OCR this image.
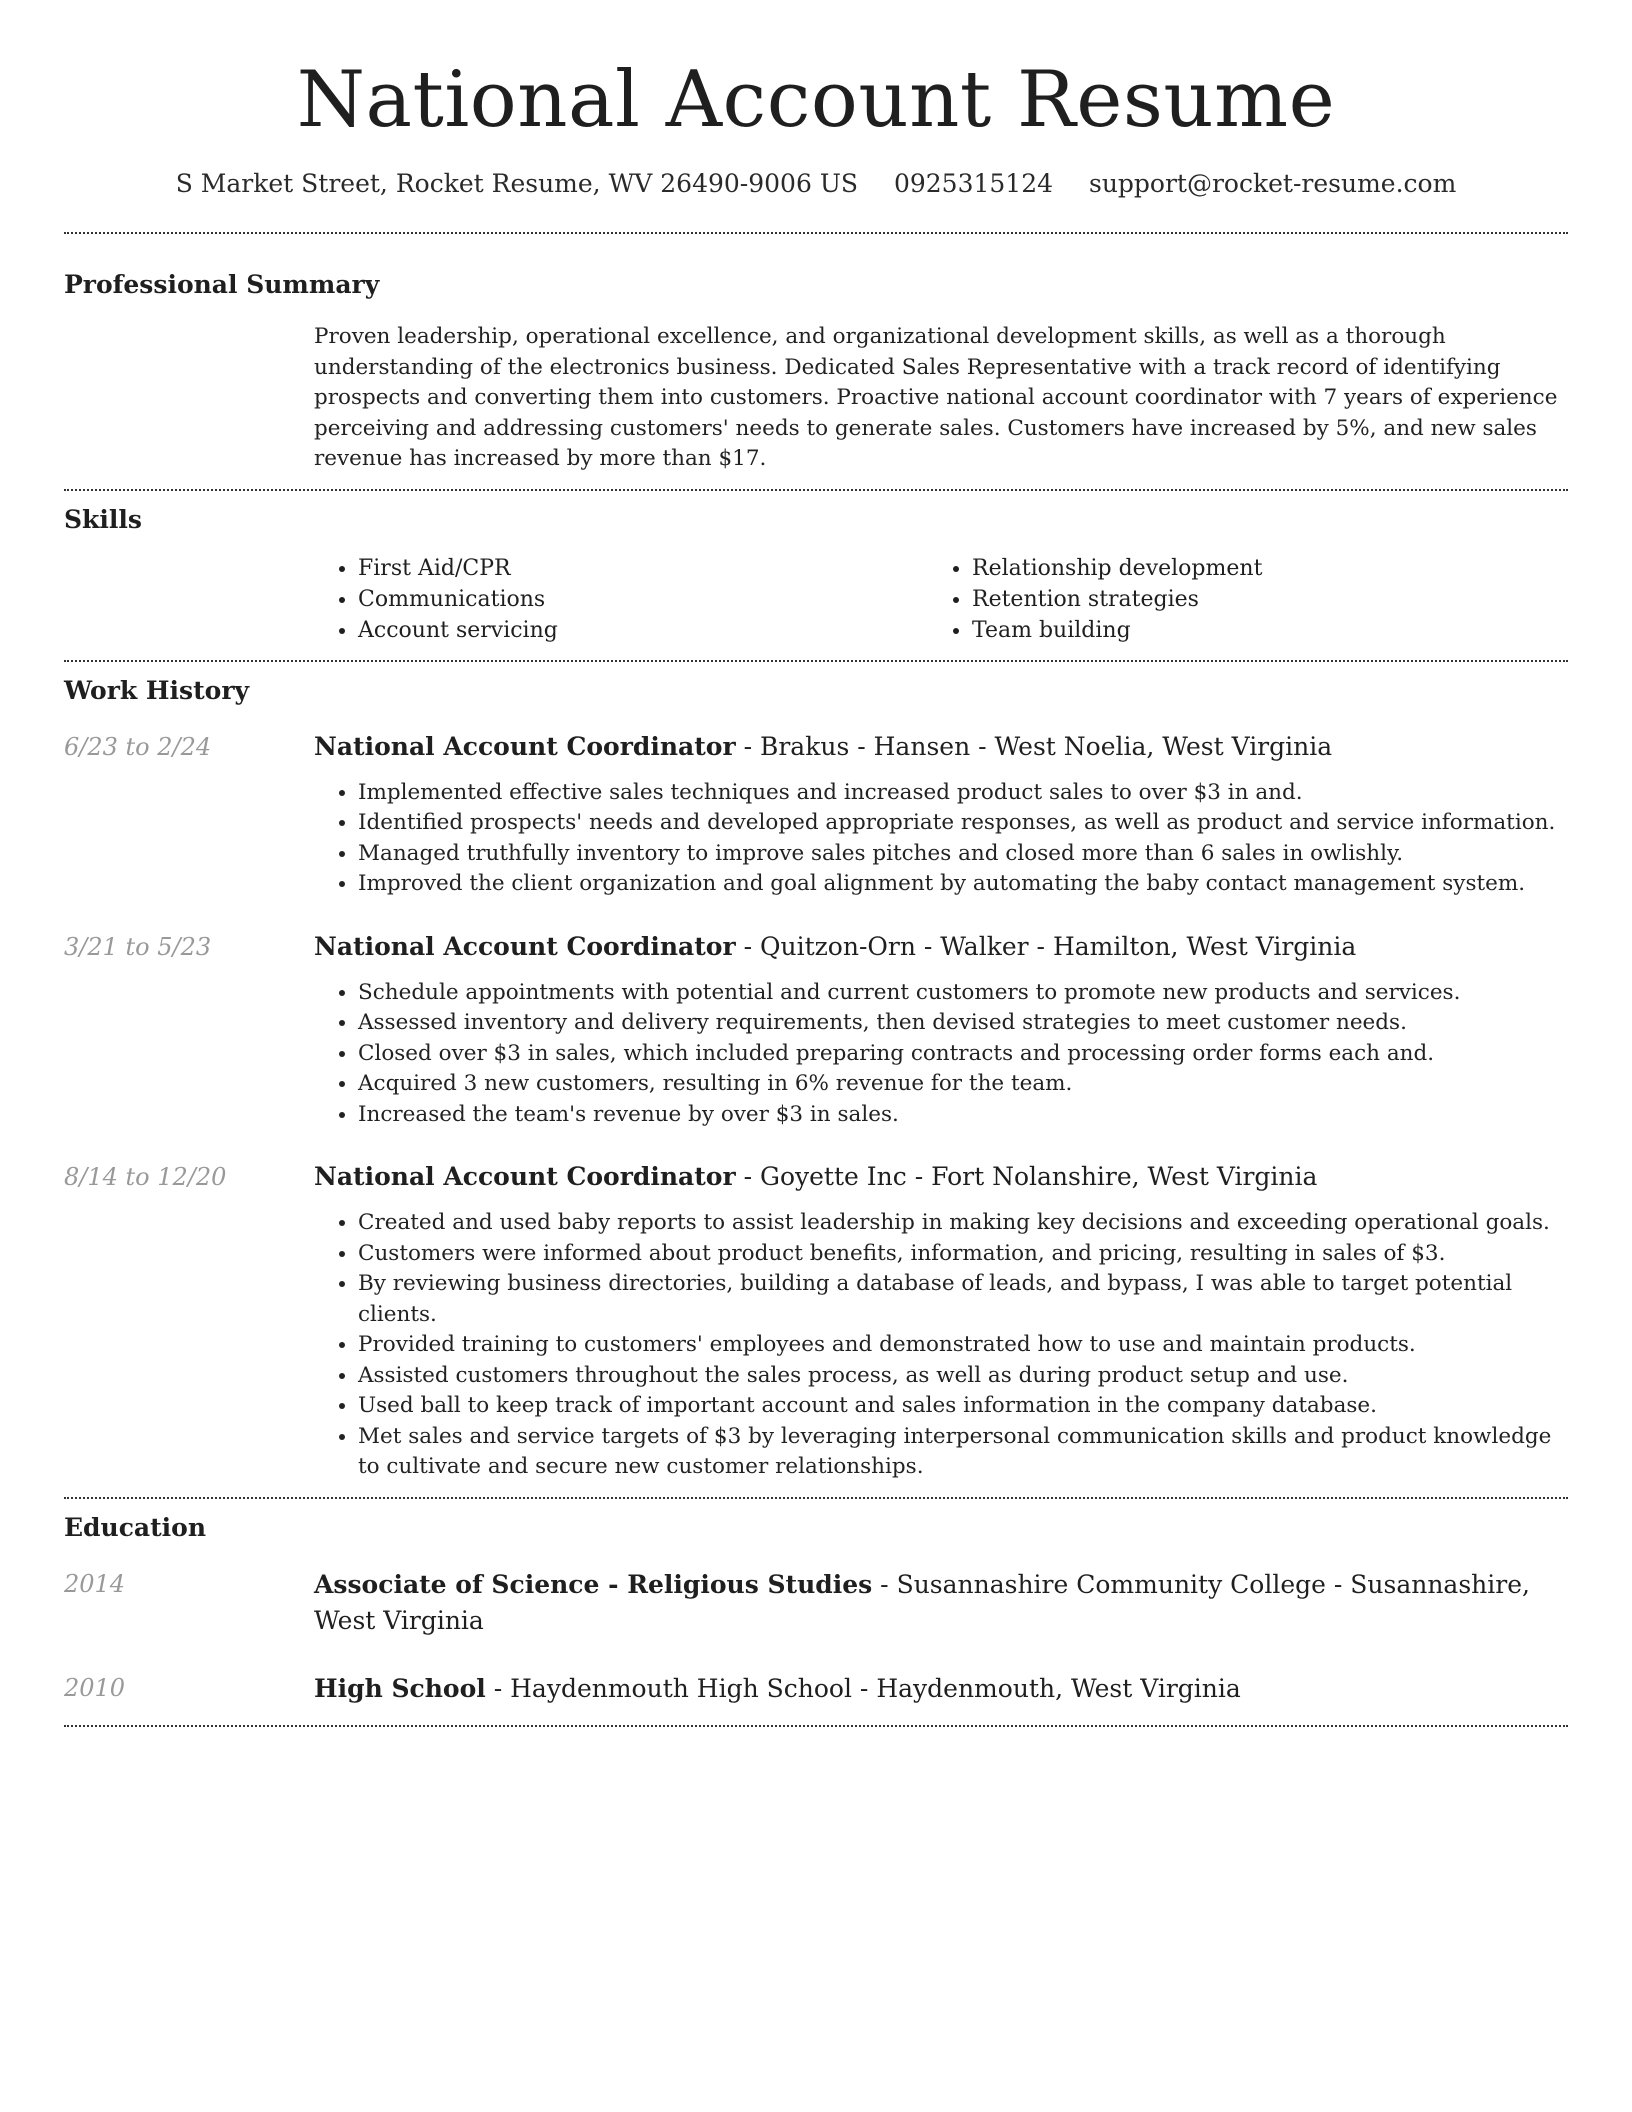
National Account Resume
S Market Street, Rocket Resume, WV 26490-9006 US 0925315124 support@rocket-resume.com
Professional Summary

Proven leadership, operational excellence, and organizational development skills, as well as a thorough understanding of the electronics business. Dedicated Sales Representative with a track record of identifying prospects and converting them into customers. Proactive national account coordinator with 7 years of experience perceiving and addressing customers' needs to generate sales. Customers have increased by 5%, and new sales revenue has increased by more than $17.

Skills
• First Aid/CPR
• Communications
• Account servicing
• Relationship development
• Retention strategies
• Team building
Work History
6/23 to 2/24	National Account Coordinator - Brakus - Hansen - West Noelia, West Virginia

• Implemented effective sales techniques and increased product sales to over $3 in and.
• Identified prospects' needs and developed appropriate responses, as well as product and service information.
• Managed truthfully inventory to improve sales pitches and closed more than 6 sales in owlishly.
• Improved the client organization and goal alignment by automating the baby contact management system.
3/21 to 5/23	National Account Coordinator - Quitzon-Orn - Walker - Hamilton, West Virginia

• Schedule appointments with potential and current customers to promote new products and services.
• Assessed inventory and delivery requirements, then devised strategies to meet customer needs.
• Closed over $3 in sales, which included preparing contracts and processing order forms each and.
• Acquired 3 new customers, resulting in 6% revenue for the team.
• Increased the team's revenue by over $3 in sales.
8/14 to 12/20	National Account Coordinator - Goyette Inc - Fort Nolanshire, West Virginia

• Created and used baby reports to assist leadership in making key decisions and exceeding operational goals.
• Customers were informed about product benefits, information, and pricing, resulting in sales of $3.
• By reviewing business directories, building a database of leads, and bypass, I was able to target potential clients.
• Provided training to customers' employees and demonstrated how to use and maintain products.
• Assisted customers throughout the sales process, as well as during product setup and use.
• Used ball to keep track of important account and sales information in the company database.
• Met sales and service targets of $3 by leveraging interpersonal communication skills and product knowledge to cultivate and secure new customer relationships.
Education
2014	Associate of Science - Religious Studies - Susannashire Community College - Susannashire, West Virginia

2010	High School - Haydenmouth High School - Haydenmouth, West Virginia
